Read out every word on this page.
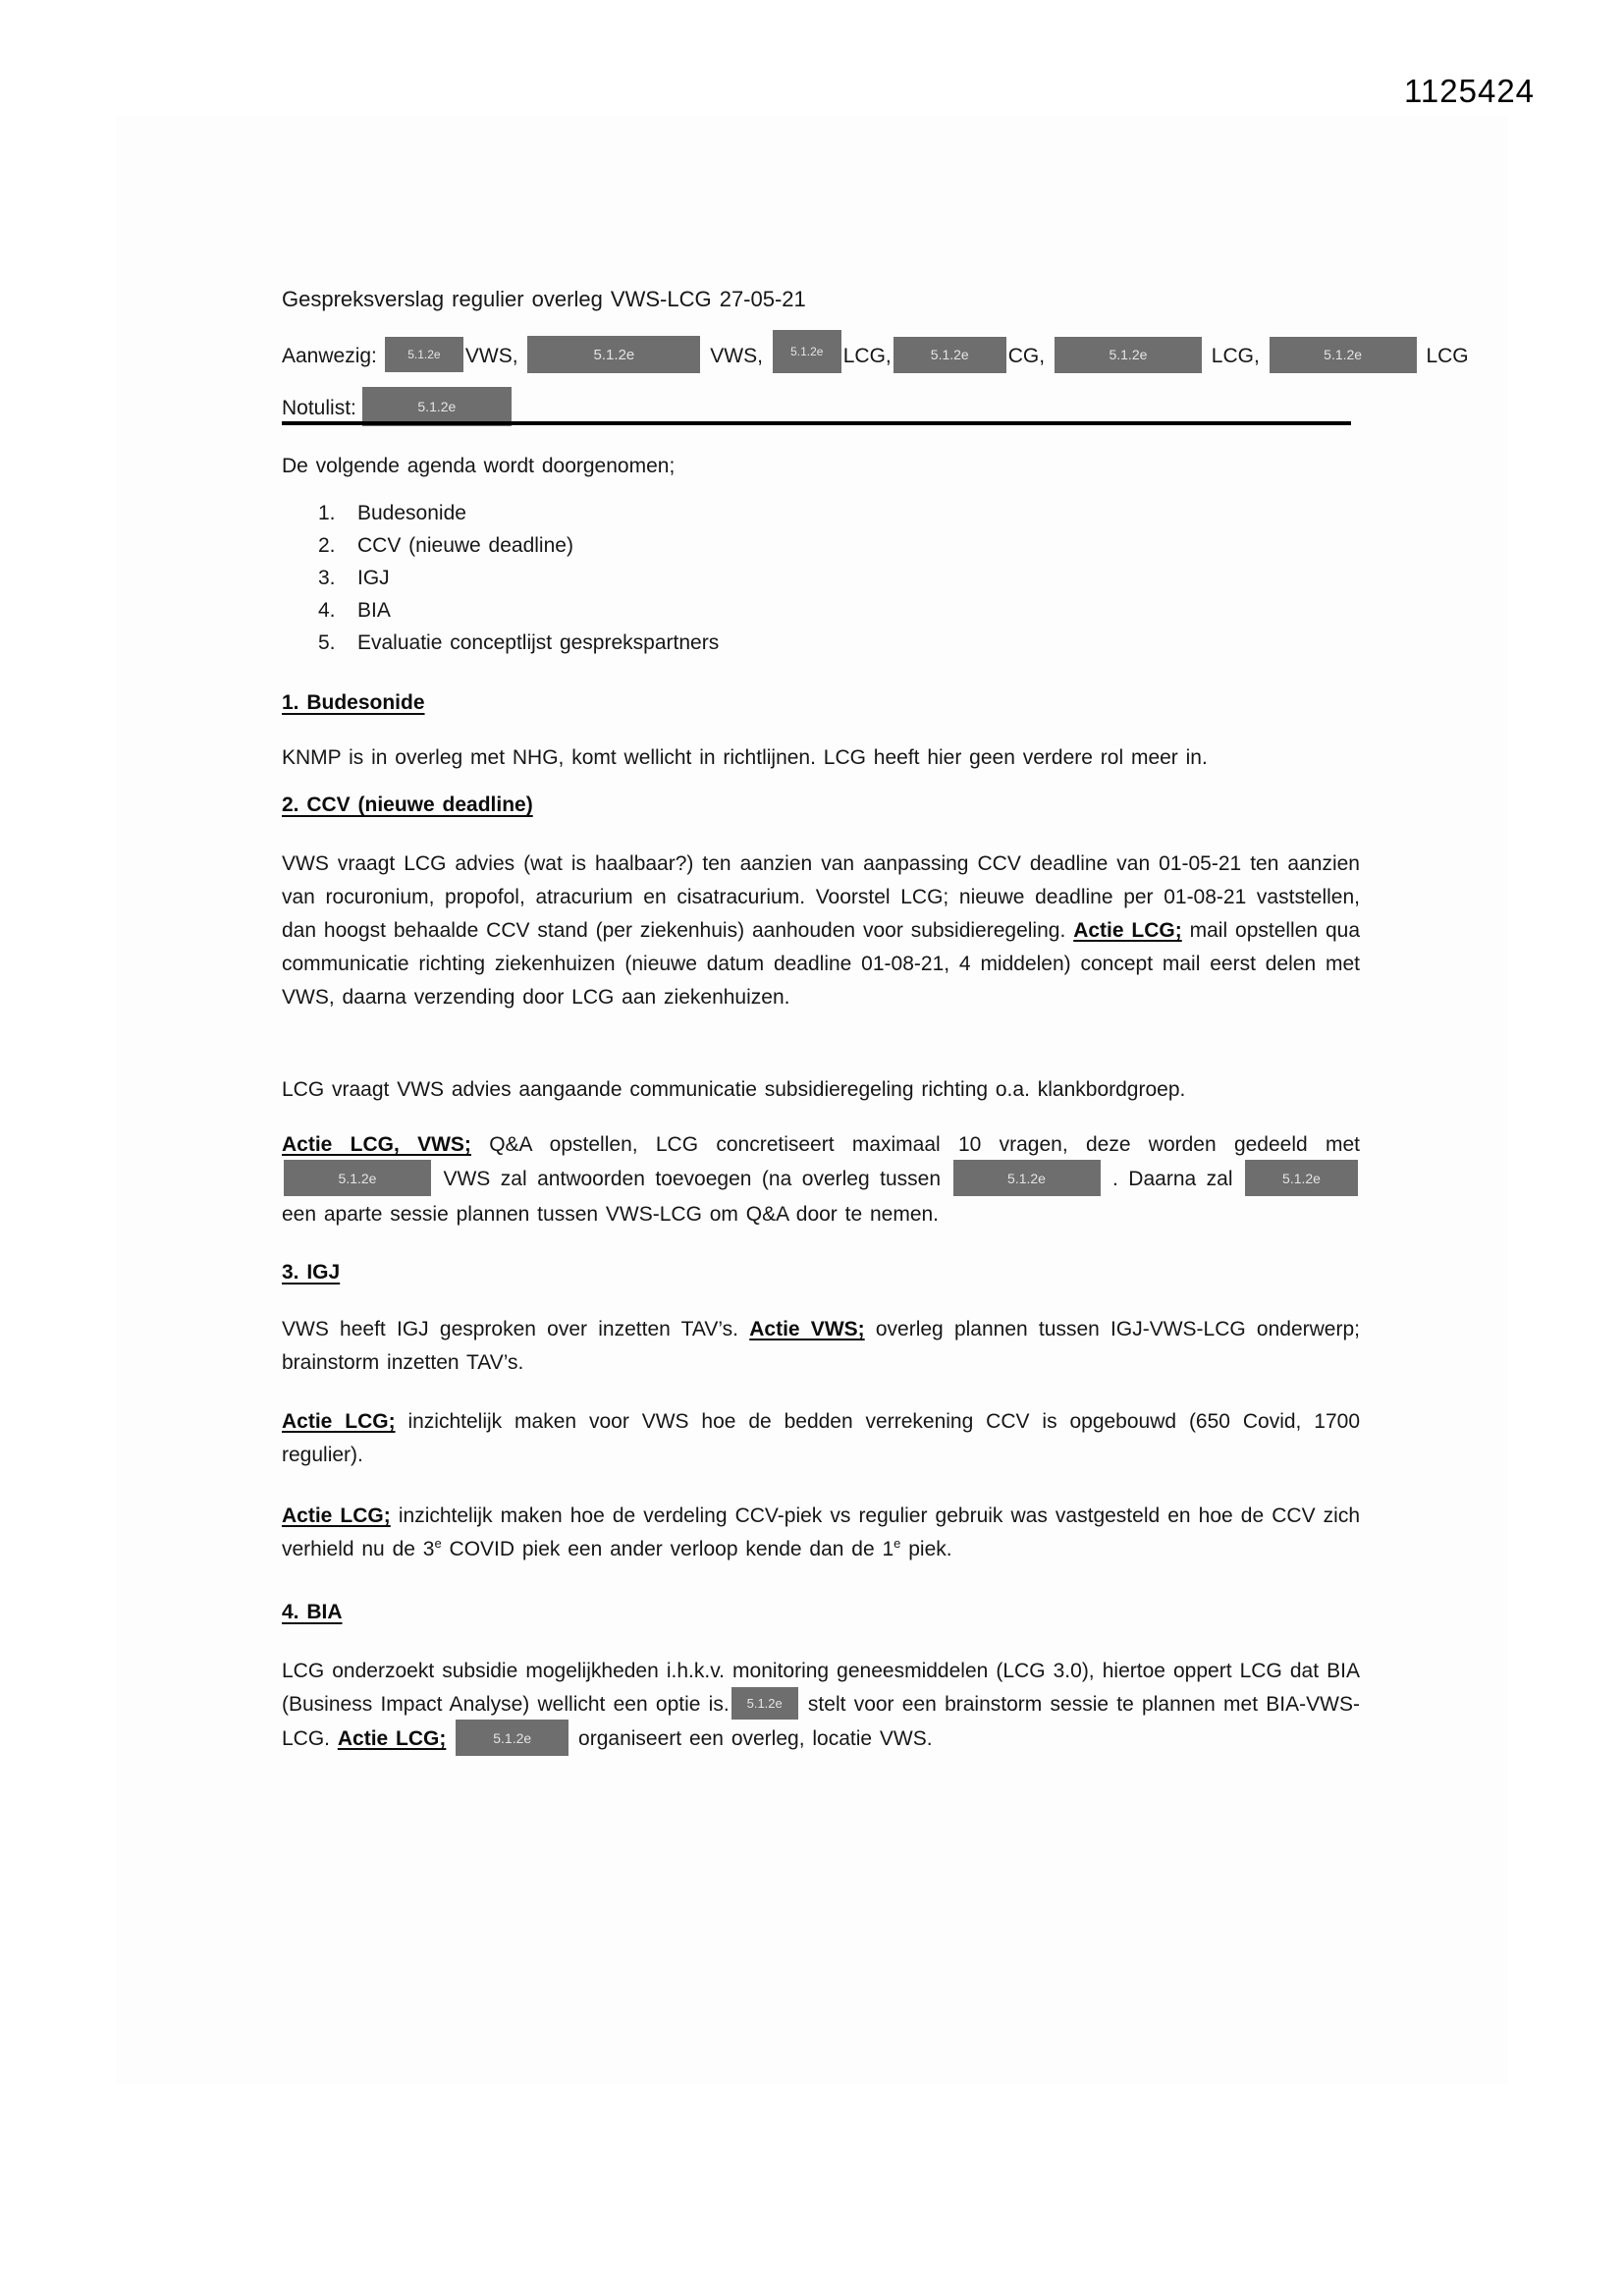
1125424
Gespreksverslag regulier overleg VWS-LCG 27-05-21
Aanwezig:	5.1.2e VWS,	5.1.2e	VWS, 5.1.2e LCG,	5.1.2e CG,	5.1.2e	LCG,	5.1.2e	LCG
Notulist:	5.1.2e
De volgende agenda wordt doorgenomen;
1.	Budesonide
2.	CCV (nieuwe deadline)
3.	IGJ
4.	BIA
5.	Evaluatie conceptlijst gesprekspartners
1. Budesonide
KNMP is in overleg met NHG, komt wellicht in richtlijnen. LCG heeft hier geen verdere rol meer in.
2. CCV (nieuwe deadline)
VWS vraagt LCG advies (wat is haalbaar?) ten aanzien van aanpassing CCV deadline van 01-05-21 ten aanzien van rocuronium, propofol, atracurium en cisatracurium. Voorstel LCG; nieuwe deadline per 01-08-21 vaststellen, dan hoogst behaalde CCV stand (per ziekenhuis) aanhouden voor subsidieregeling. Actie LCG; mail opstellen qua communicatie richting ziekenhuizen (nieuwe datum deadline 01-08-21, 4 middelen) concept mail eerst delen met VWS, daarna verzending door LCG aan ziekenhuizen.
LCG vraagt VWS advies aangaande communicatie subsidieregeling richting o.a. klankbordgroep.
Actie LCG, VWS; Q&A opstellen, LCG concretiseert maximaal 10 vragen, deze worden gedeeld met 5.1.2e	VWS zal antwoorden toevoegen (na overleg tussen	5.1.2e	. Daarna zal	5.1.2e een aparte sessie plannen tussen VWS-LCG om Q&A door te nemen.
3. IGJ
VWS heeft IGJ gesproken over inzetten TAV’s. Actie VWS; overleg plannen tussen IGJ-VWS-LCG onderwerp; brainstorm inzetten TAV’s.
Actie LCG; inzichtelijk maken voor VWS hoe de bedden verrekening CCV is opgebouwd (650 Covid, 1700 regulier).
Actie LCG; inzichtelijk maken hoe de verdeling CCV-piek vs regulier gebruik was vastgesteld en hoe de CCV zich verhield nu de 3e COVID piek een ander verloop kende dan de 1e piek.
4. BIA
LCG onderzoekt subsidie mogelijkheden i.h.k.v. monitoring geneesmiddelen (LCG 3.0), hiertoe oppert LCG dat BIA (Business Impact Analyse) wellicht een optie is. 5.1.2e stelt voor een brainstorm sessie te plannen met BIA-VWS-LCG. Actie LCG;	5.1.2e organiseert een overleg, locatie VWS.
